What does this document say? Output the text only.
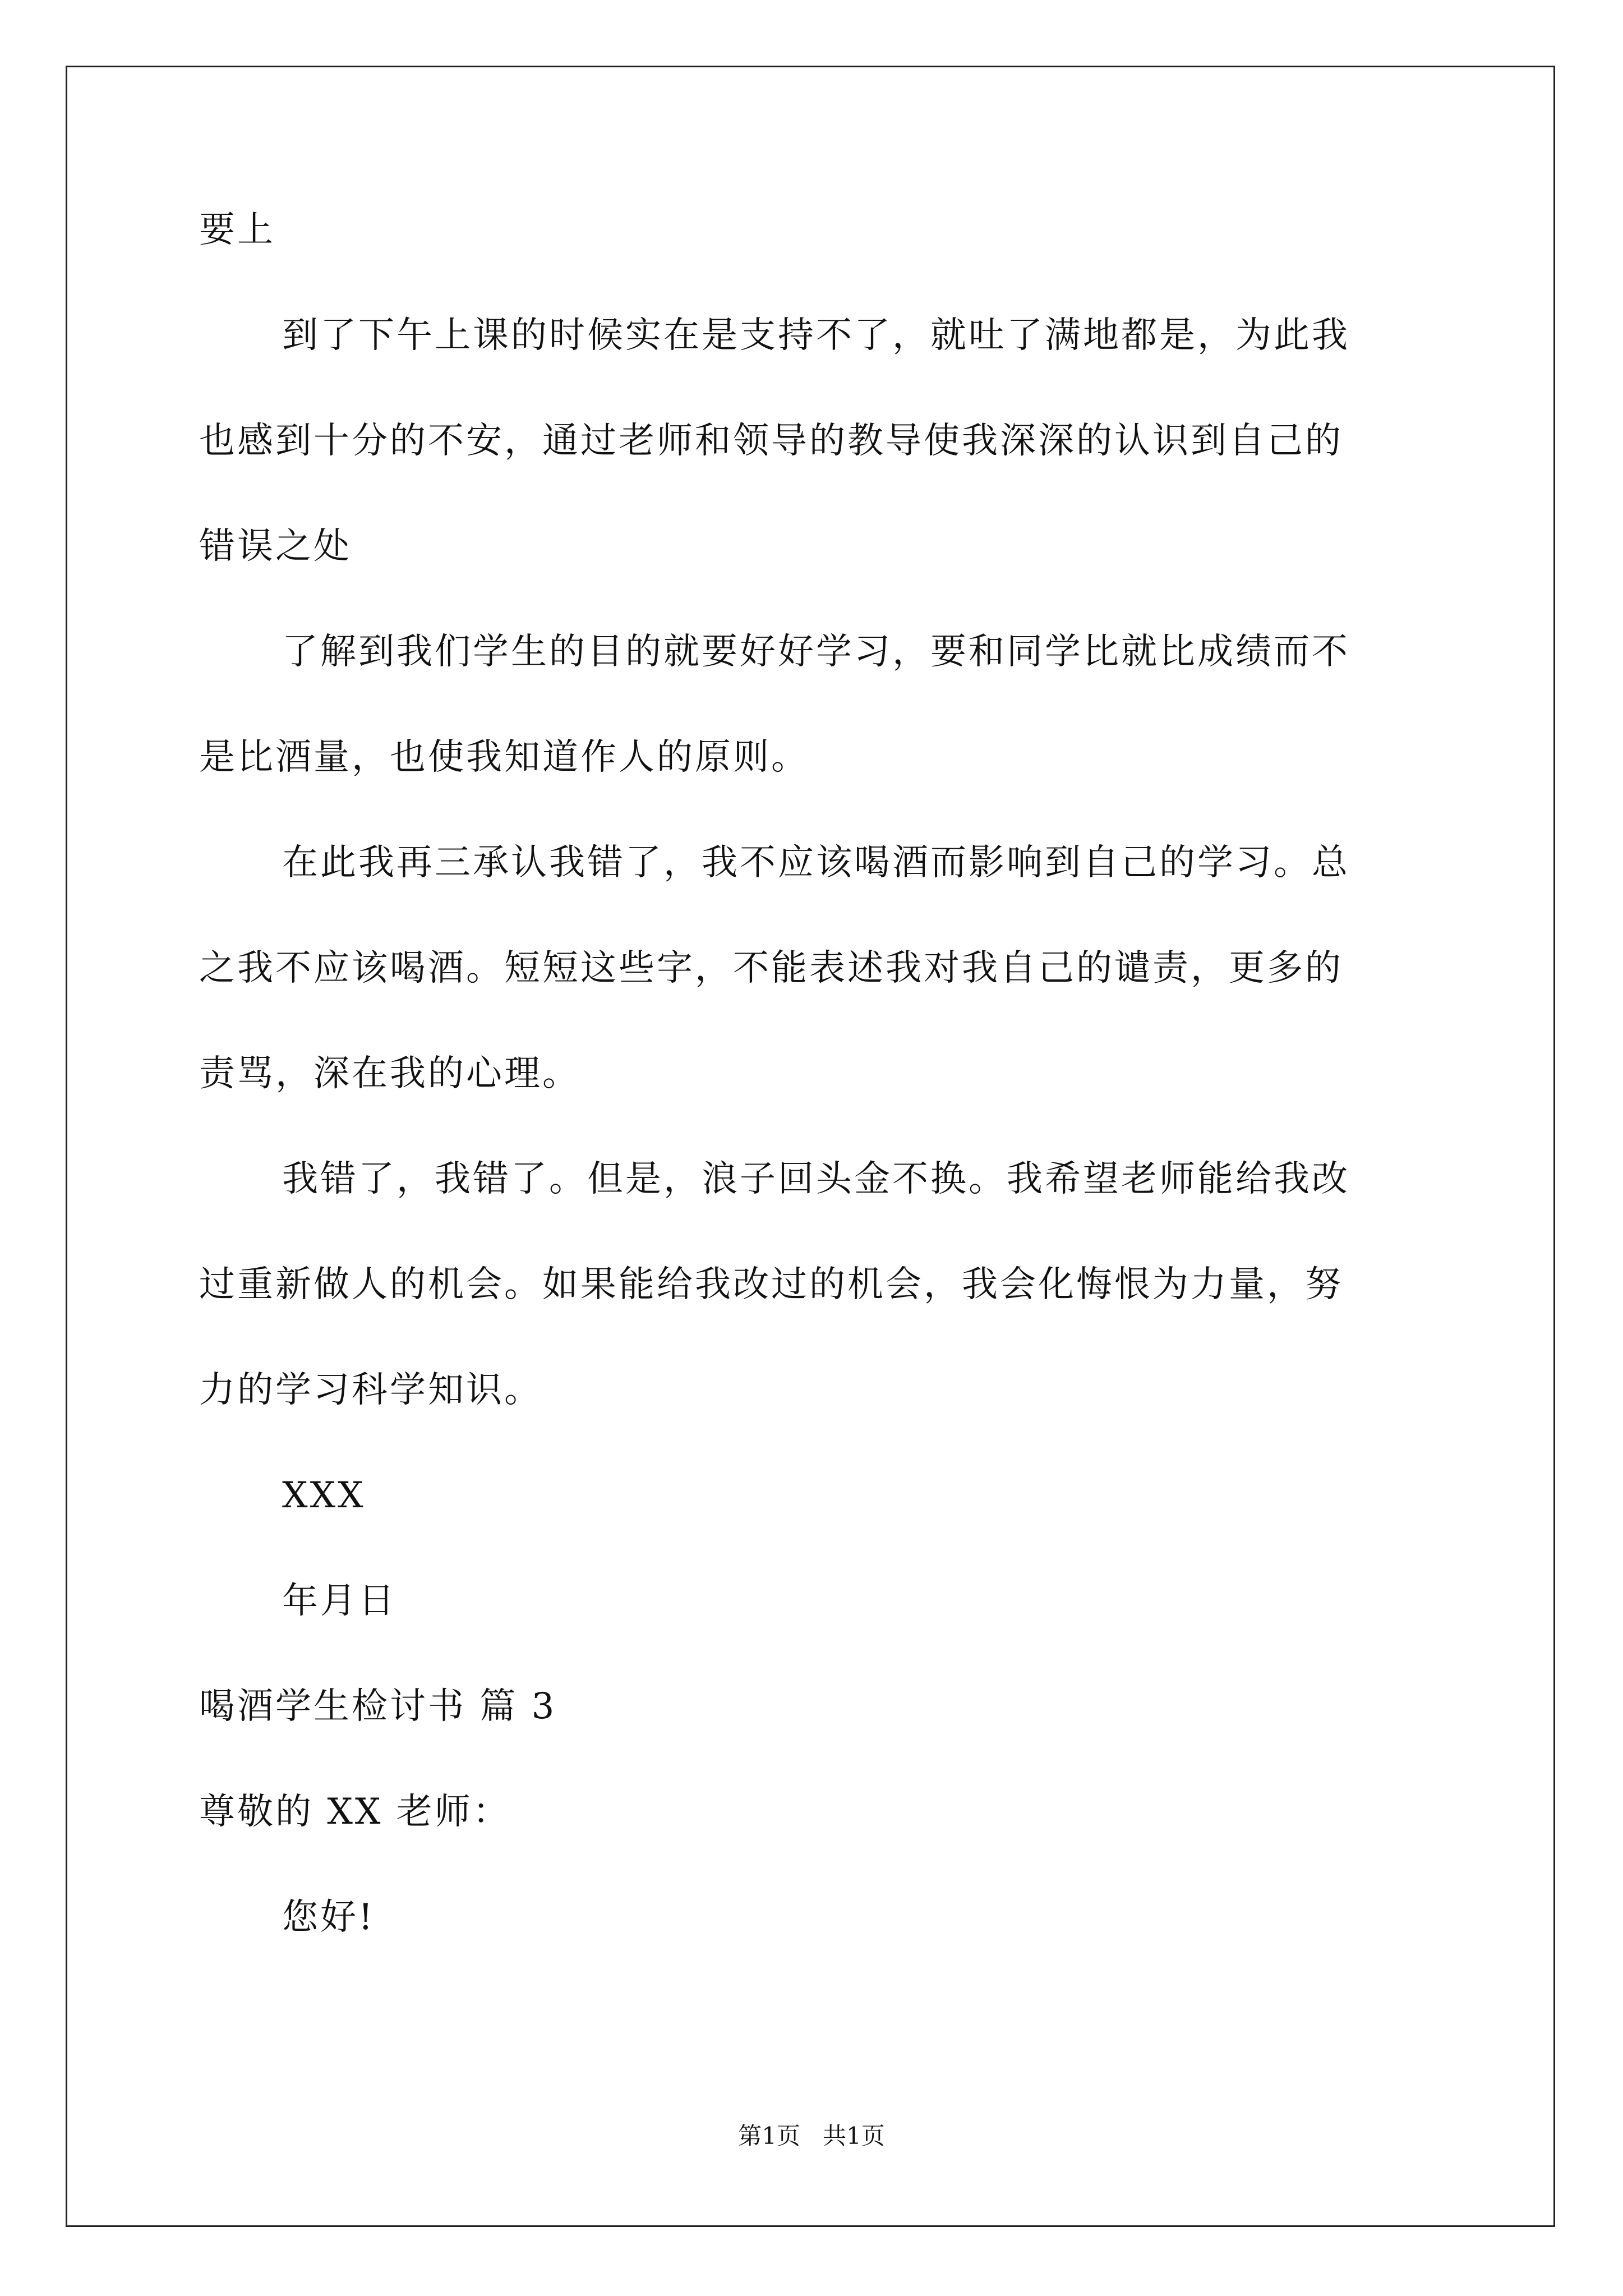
要上
到了下午上课的时候实在是支持不了，就吐了满地都是，为此我
也感到十分的不安，通过老师和领导的教导使我深深的认识到自己的
错误之处
了解到我们学生的目的就要好好学习，要和同学比就比成绩而不
是比酒量，也使我知道作人的原则。
在此我再三承认我错了，我不应该喝酒而影响到自己的学习。总
之我不应该喝酒。短短这些字，不能表述我对我自己的谴责，更多的
责骂，深在我的心理。
我错了，我错了。但是，浪子回头金不换。我希望老师能给我改
过重新做人的机会。如果能给我改过的机会，我会化悔恨为力量，努
力的学习科学知识。
XXX
年月日
喝酒学生检讨书 篇 3
尊敬的 XX 老师：
您好!
第1页   共1页
